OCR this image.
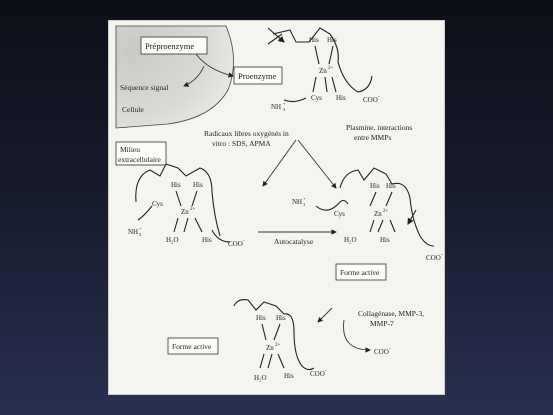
Préproenzyme
Proenzyme
Séquence signal
Cellule
Milieu
extracellulaire
His His
Zn 2+
Cys His
NH +
3
COO -
Radicaux libres oxygénés in
vitro : SDS, APMA
Plasmine, interactions
entre MMPs
His His
Zn 2+
Cys
NH +
3
H₂O	His COO -	Autocatalyse
His His
Zn 2+
H₂O	His
COO -
NH +
3
Cys
Forme active
His His
Zn 2+
H₂O His COO -
Forme active
Collagénase, MMP-3,
MMP-7
COO -
